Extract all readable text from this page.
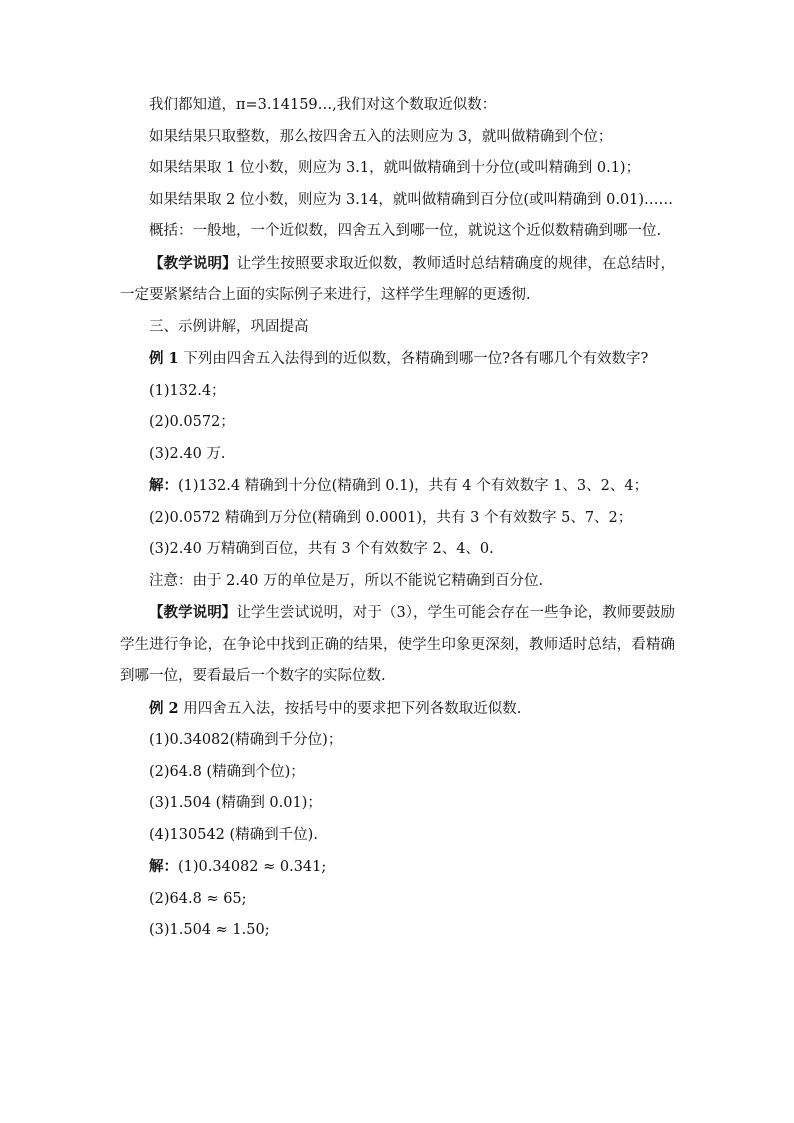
我们都知道，π=3.14159…,我们对这个数取近似数：

如果结果只取整数，那么按四舍五入的法则应为 3，就叫做精确到个位；

如果结果取 1 位小数，则应为 3.1，就叫做精确到十分位(或叫精确到 0.1)；

如果结果取 2 位小数，则应为 3.14，就叫做精确到百分位(或叫精确到 0.01)……

概括：一般地，一个近似数，四舍五入到哪一位，就说这个近似数精确到哪一位.

【教学说明】让学生按照要求取近似数，教师适时总结精确度的规律，在总结时，一定要紧紧结合上面的实际例子来进行，这样学生理解的更透彻.

三、示例讲解，巩固提高

例 1 下列由四舍五入法得到的近似数，各精确到哪一位?各有哪几个有效数字?

(1)132.4；

(2)0.0572；

(3)2.40 万.

解：(1)132.4 精确到十分位(精确到 0.1)，共有 4 个有效数字 1、3、2、4；

(2)0.0572 精确到万分位(精确到 0.0001)，共有 3 个有效数字 5、7、2；

(3)2.40 万精确到百位，共有 3 个有效数字 2、4、0.

注意：由于 2.40 万的单位是万，所以不能说它精确到百分位.

【教学说明】让学生尝试说明，对于（3），学生可能会存在一些争论，教师要鼓励学生进行争论，在争论中找到正确的结果，使学生印象更深刻，教师适时总结，看精确到哪一位，要看最后一个数字的实际位数.

例 2 用四舍五入法，按括号中的要求把下列各数取近似数.

(1)0.34082(精确到千分位)；

(2)64.8 (精确到个位)；

(3)1.504 (精确到 0.01)；

(4)130542 (精确到千位).

解：(1)0.34082 ≈ 0.341;

(2)64.8 ≈ 65;

(3)1.504 ≈ 1.50;
